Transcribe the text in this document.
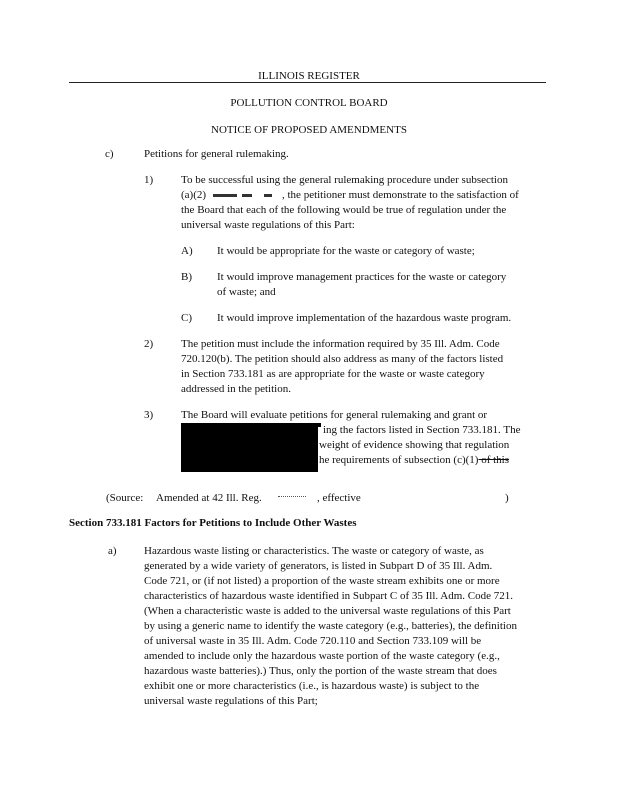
ILLINOIS REGISTER
POLLUTION CONTROL BOARD
NOTICE OF PROPOSED AMENDMENTS
c)	Petitions for general rulemaking.
1)	To be successful using the general rulemaking procedure under subsection
(a)(2)	, the petitioner must demonstrate to the satisfaction of
the Board that each of the following would be true of regulation under the
universal waste regulations of this Part:
A) It would be appropriate for the waste or category of waste;
B) It would improve management practices for the waste or category
of waste; and
C) It would improve implementation of the hazardous waste program.
2)	The petition must include the information required by 35 Ill. Adm. Code
720.120(b). The petition should also address as many of the factors listed
in Section 733.181 as are appropriate for the waste or waste category
addressed in the petition.
3)	The Board will evaluate petitions for general rulemaking and grant or
ing the factors listed in Section 733.181. The
weight of evidence showing that regulation
he requirements of subsection (c)(1) of this
(Source: Amended at 42 Ill. Reg.	, effective	)
Section 733.181 Factors for Petitions to Include Other Wastes
a) Hazardous waste listing or characteristics. The waste or category of waste, as
generated by a wide variety of generators, is listed in Subpart D of 35 Ill. Adm.
Code 721, or (if not listed) a proportion of the waste stream exhibits one or more
characteristics of hazardous waste identified in Subpart C of 35 Ill. Adm. Code 721.
(When a characteristic waste is added to the universal waste regulations of this Part
by using a generic name to identify the waste category (e.g., batteries), the definition
of universal waste in 35 Ill. Adm. Code 720.110 and Section 733.109 will be
amended to include only the hazardous waste portion of the waste category (e.g.,
hazardous waste batteries).) Thus, only the portion of the waste stream that does
exhibit one or more characteristics (i.e., is hazardous waste) is subject to the
universal waste regulations of this Part;
